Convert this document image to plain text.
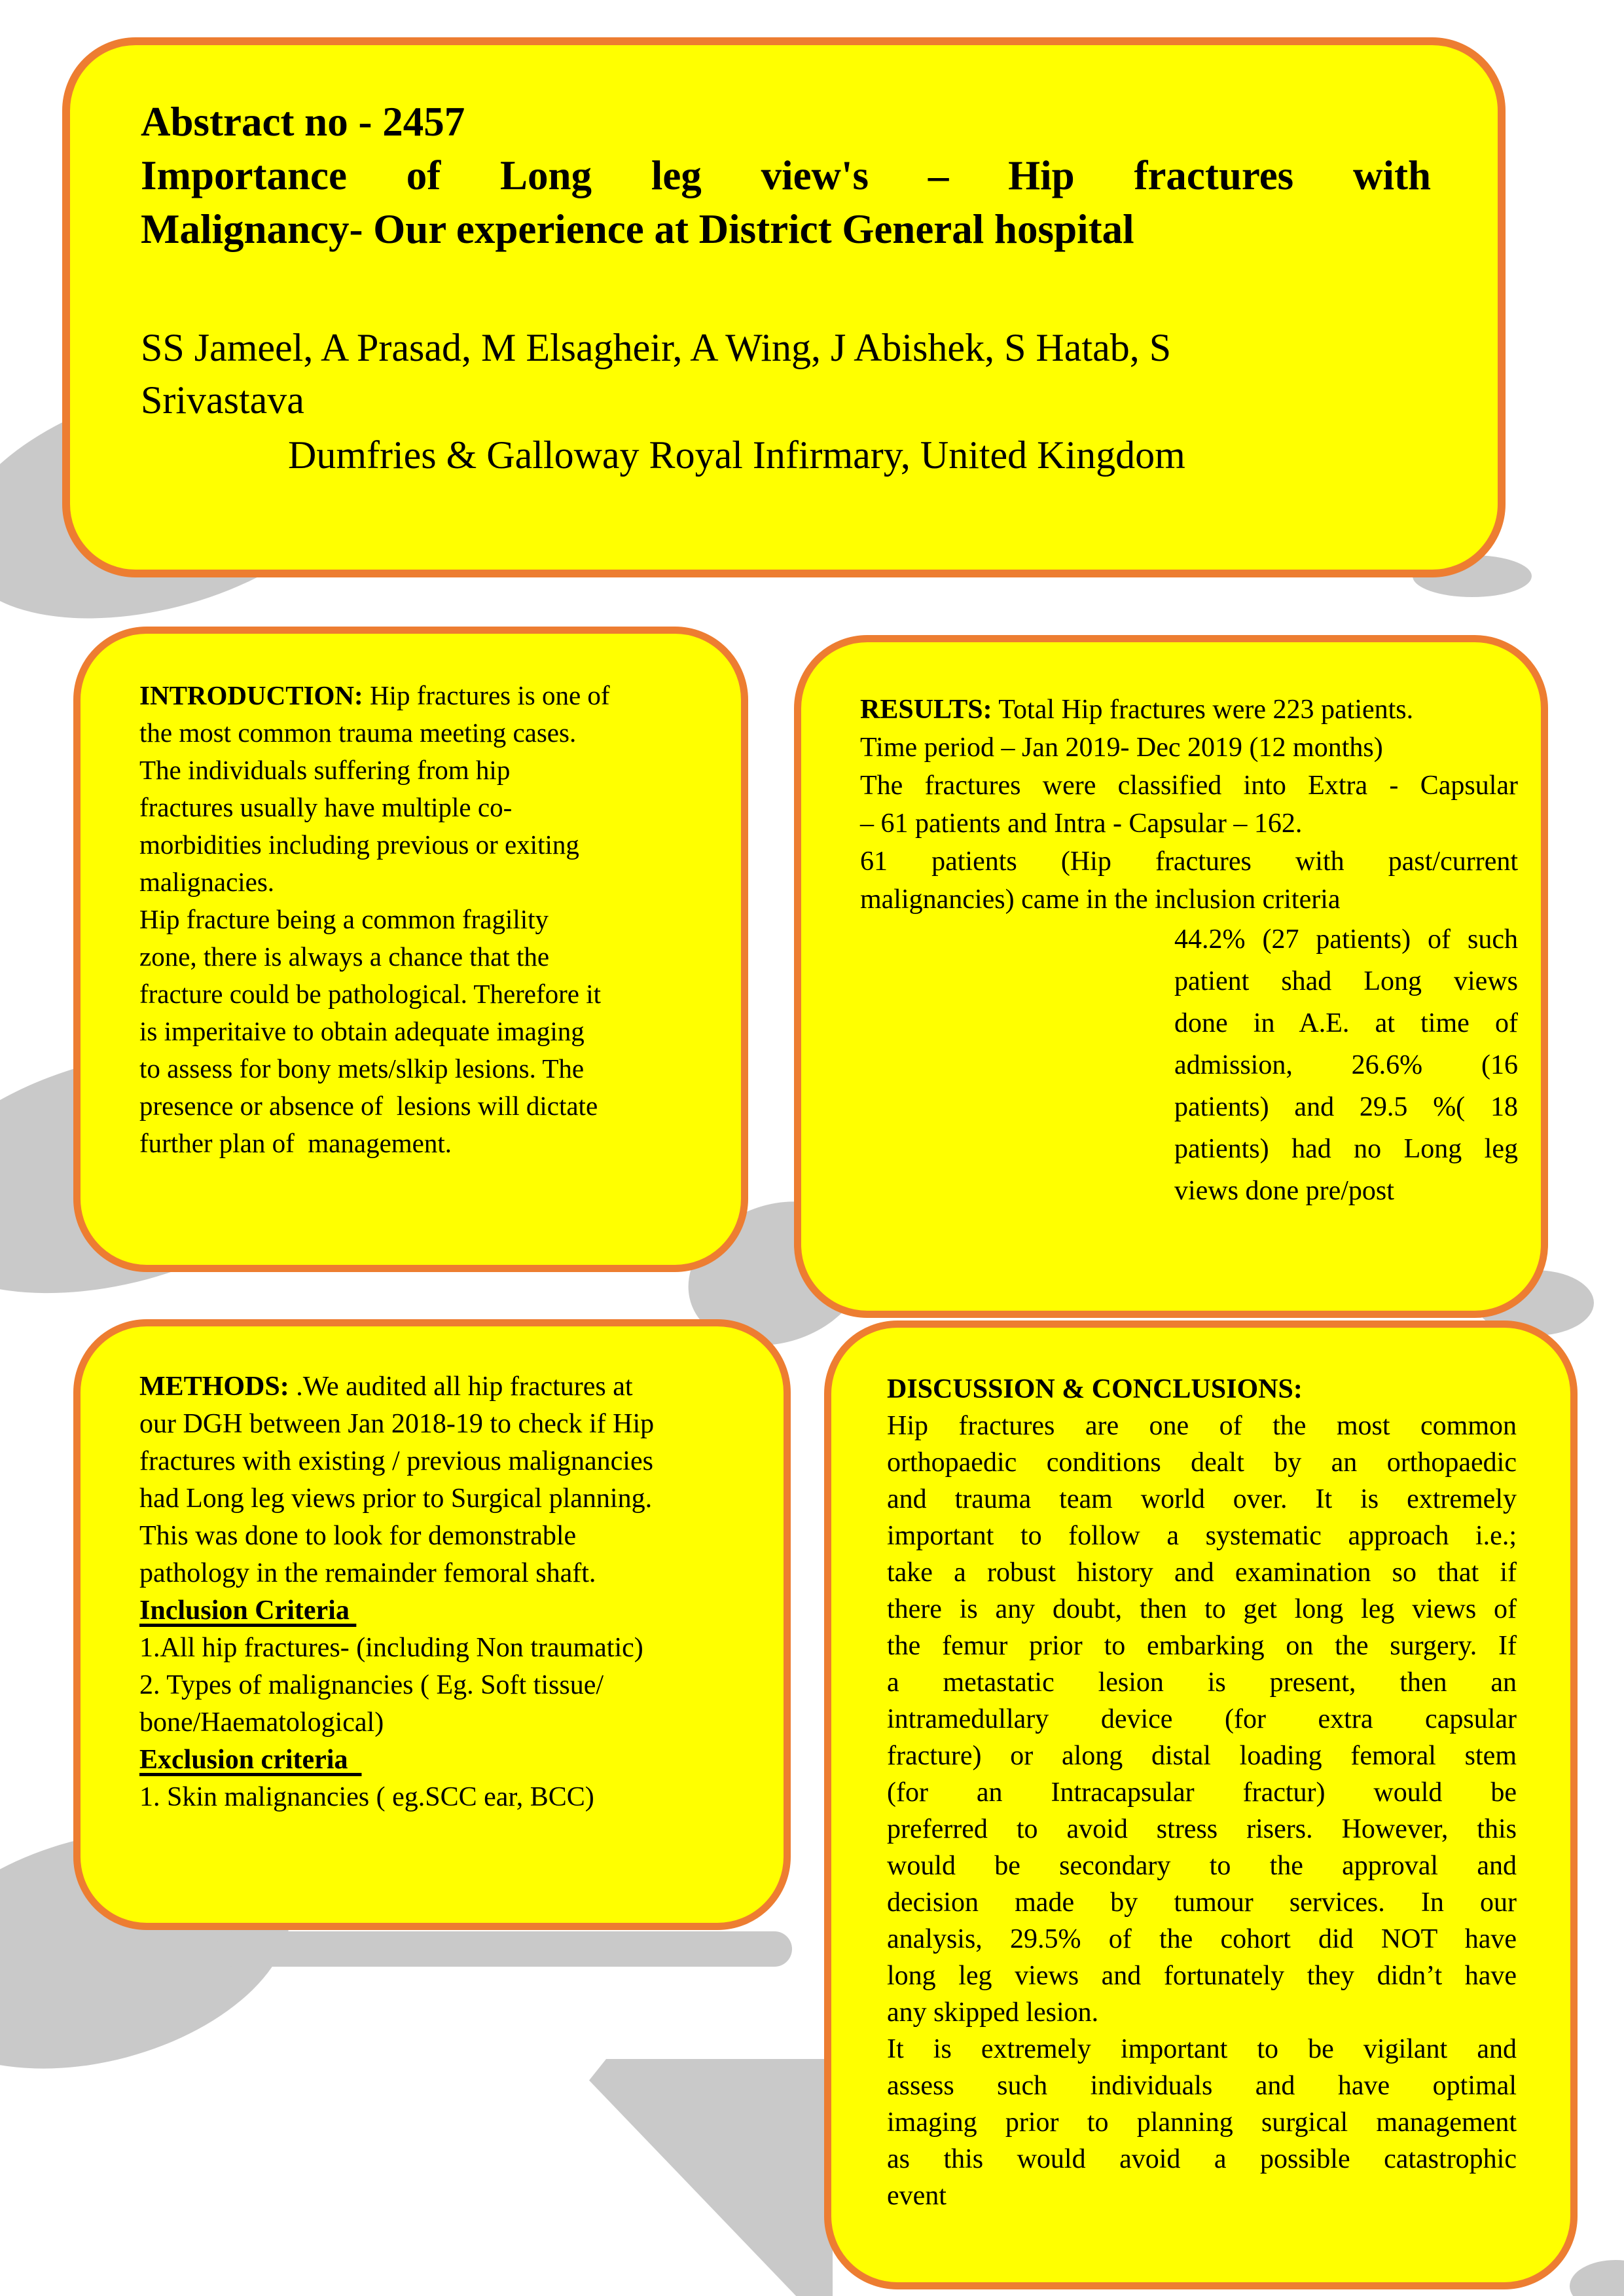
Abstract no - 2457
Importance of Long leg view's – Hip fractures with
Malignancy- Our experience at District General hospital
SS Jameel, A Prasad, M Elsagheir, A Wing, J Abishek, S Hatab, S
Srivastava
Dumfries & Galloway Royal Infirmary, United Kingdom
INTRODUCTION: Hip fractures is one of
the most common trauma meeting cases.
The individuals suffering from hip
fractures usually have multiple co-
morbidities including previous or exiting
malignacies.
Hip fracture being a common fragility
zone, there is always a chance that the
fracture could be pathological. Therefore it
is imperitaive to obtain adequate imaging
to assess for bony mets/slkip lesions. The
presence or absence of  lesions will dictate
further plan of  management.
RESULTS: Total Hip fractures were 223 patients.
Time period – Jan 2019- Dec 2019 (12 months)
The fractures were classified into Extra - Capsular
– 61 patients and Intra - Capsular – 162.
61 patients (Hip fractures with past/current
malignancies) came in the inclusion criteria
44.2% (27 patients) of such
patient shad Long views
done in A.E. at time of
admission, 26.6% (16
patients) and 29.5 %( 18
patients) had no Long leg
views done pre/post
METHODS: .We audited all hip fractures at
our DGH between Jan 2018-19 to check if Hip
fractures with existing / previous malignancies
had Long leg views prior to Surgical planning.
This was done to look for demonstrable
pathology in the remainder femoral shaft.
Inclusion Criteria
1.All hip fractures- (including Non traumatic)
2. Types of malignancies ( Eg. Soft tissue/
bone/Haematological)
Exclusion criteria
1. Skin malignancies ( eg.SCC ear, BCC)
DISCUSSION & CONCLUSIONS:
Hip fractures are one of the most common
orthopaedic conditions dealt by an orthopaedic
and trauma team world over. It is extremely
important to follow a systematic approach i.e.;
take a robust history and examination so that if
there is any doubt, then to get long leg views of
the femur prior to embarking on the surgery. If
a metastatic lesion is present, then an
intramedullary device (for extra capsular
fracture) or along distal loading femoral stem
(for an Intracapsular fractur) would be
preferred to avoid stress risers. However, this
would be secondary to the approval and
decision made by tumour services. In our
analysis, 29.5% of the cohort did NOT have
long leg views and fortunately they didn’t have
any skipped lesion.
It is extremely important to be vigilant and
assess such individuals and have optimal
imaging prior to planning surgical management
as this would avoid a possible catastrophic
event
